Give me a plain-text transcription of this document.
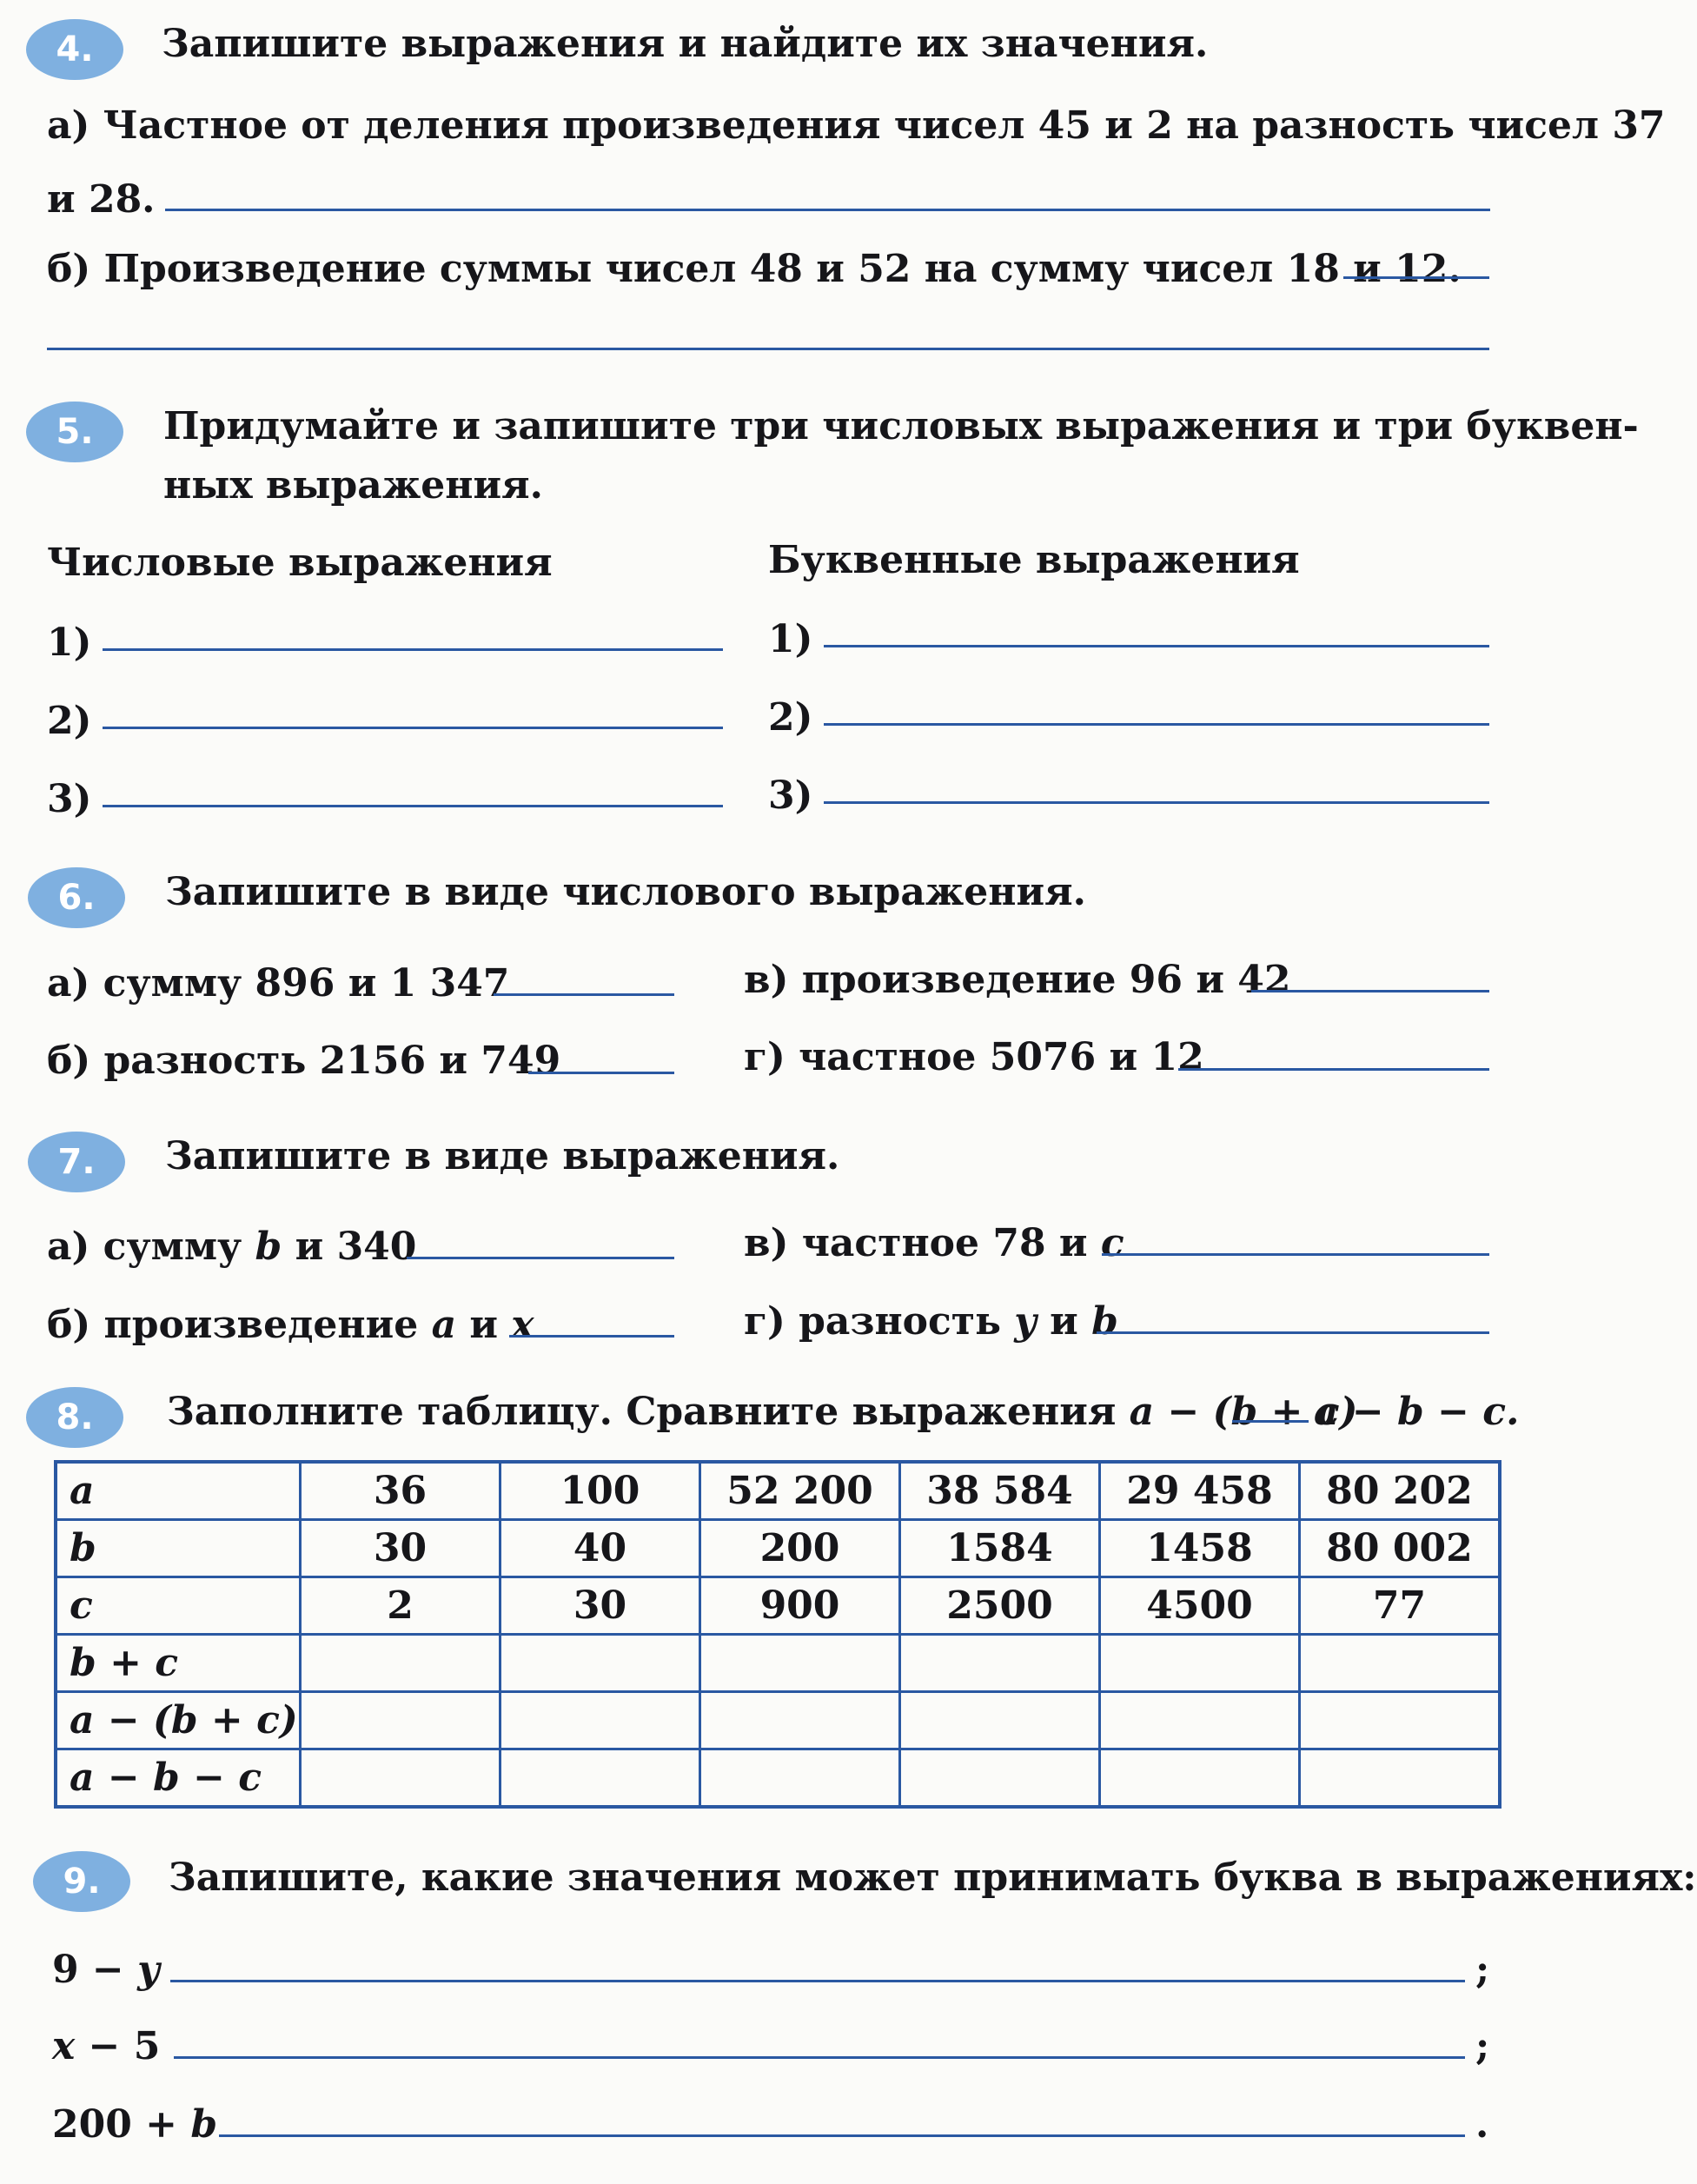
4.	Запишите выражения и найдите их значения.
а) Частное от деления произведения чисел 45 и 2 на разность чисел 37
и 28.
б) Произведение суммы чисел 48 и 52 на сумму чисел 18 и 12.
5.	Придумайте и запишите три числовых выражения и три буквен-
ных выражения.
Числовые выражения	Буквенные выражения
1)
2)
3)
1)
2)
3)
6.	Запишите в виде числового выражения.
а) сумму 896 и 1 347
б) разность 2156 и 749
в) произведение 96 и 42
г) частное 5076 и 12
7.	Запишите в виде выражения.
а) сумму b и 340
б) произведение a и x
в) частное 78 и c
г) разность y и b
8.	Заполните таблицу. Сравните выражения a − (b + c)
a − b − c.
a	36	100	52 200	38 584	29 458	80 202
b	30	40	200	1584	1458	80 002
c	2	30	900	2500	4500	77
b + c						
a − (b + c)						
a − b − c						
9.	Запишите, какие значения может принимать буква в выражениях:
9 − y	;
x − 5	;
200 + b	.
